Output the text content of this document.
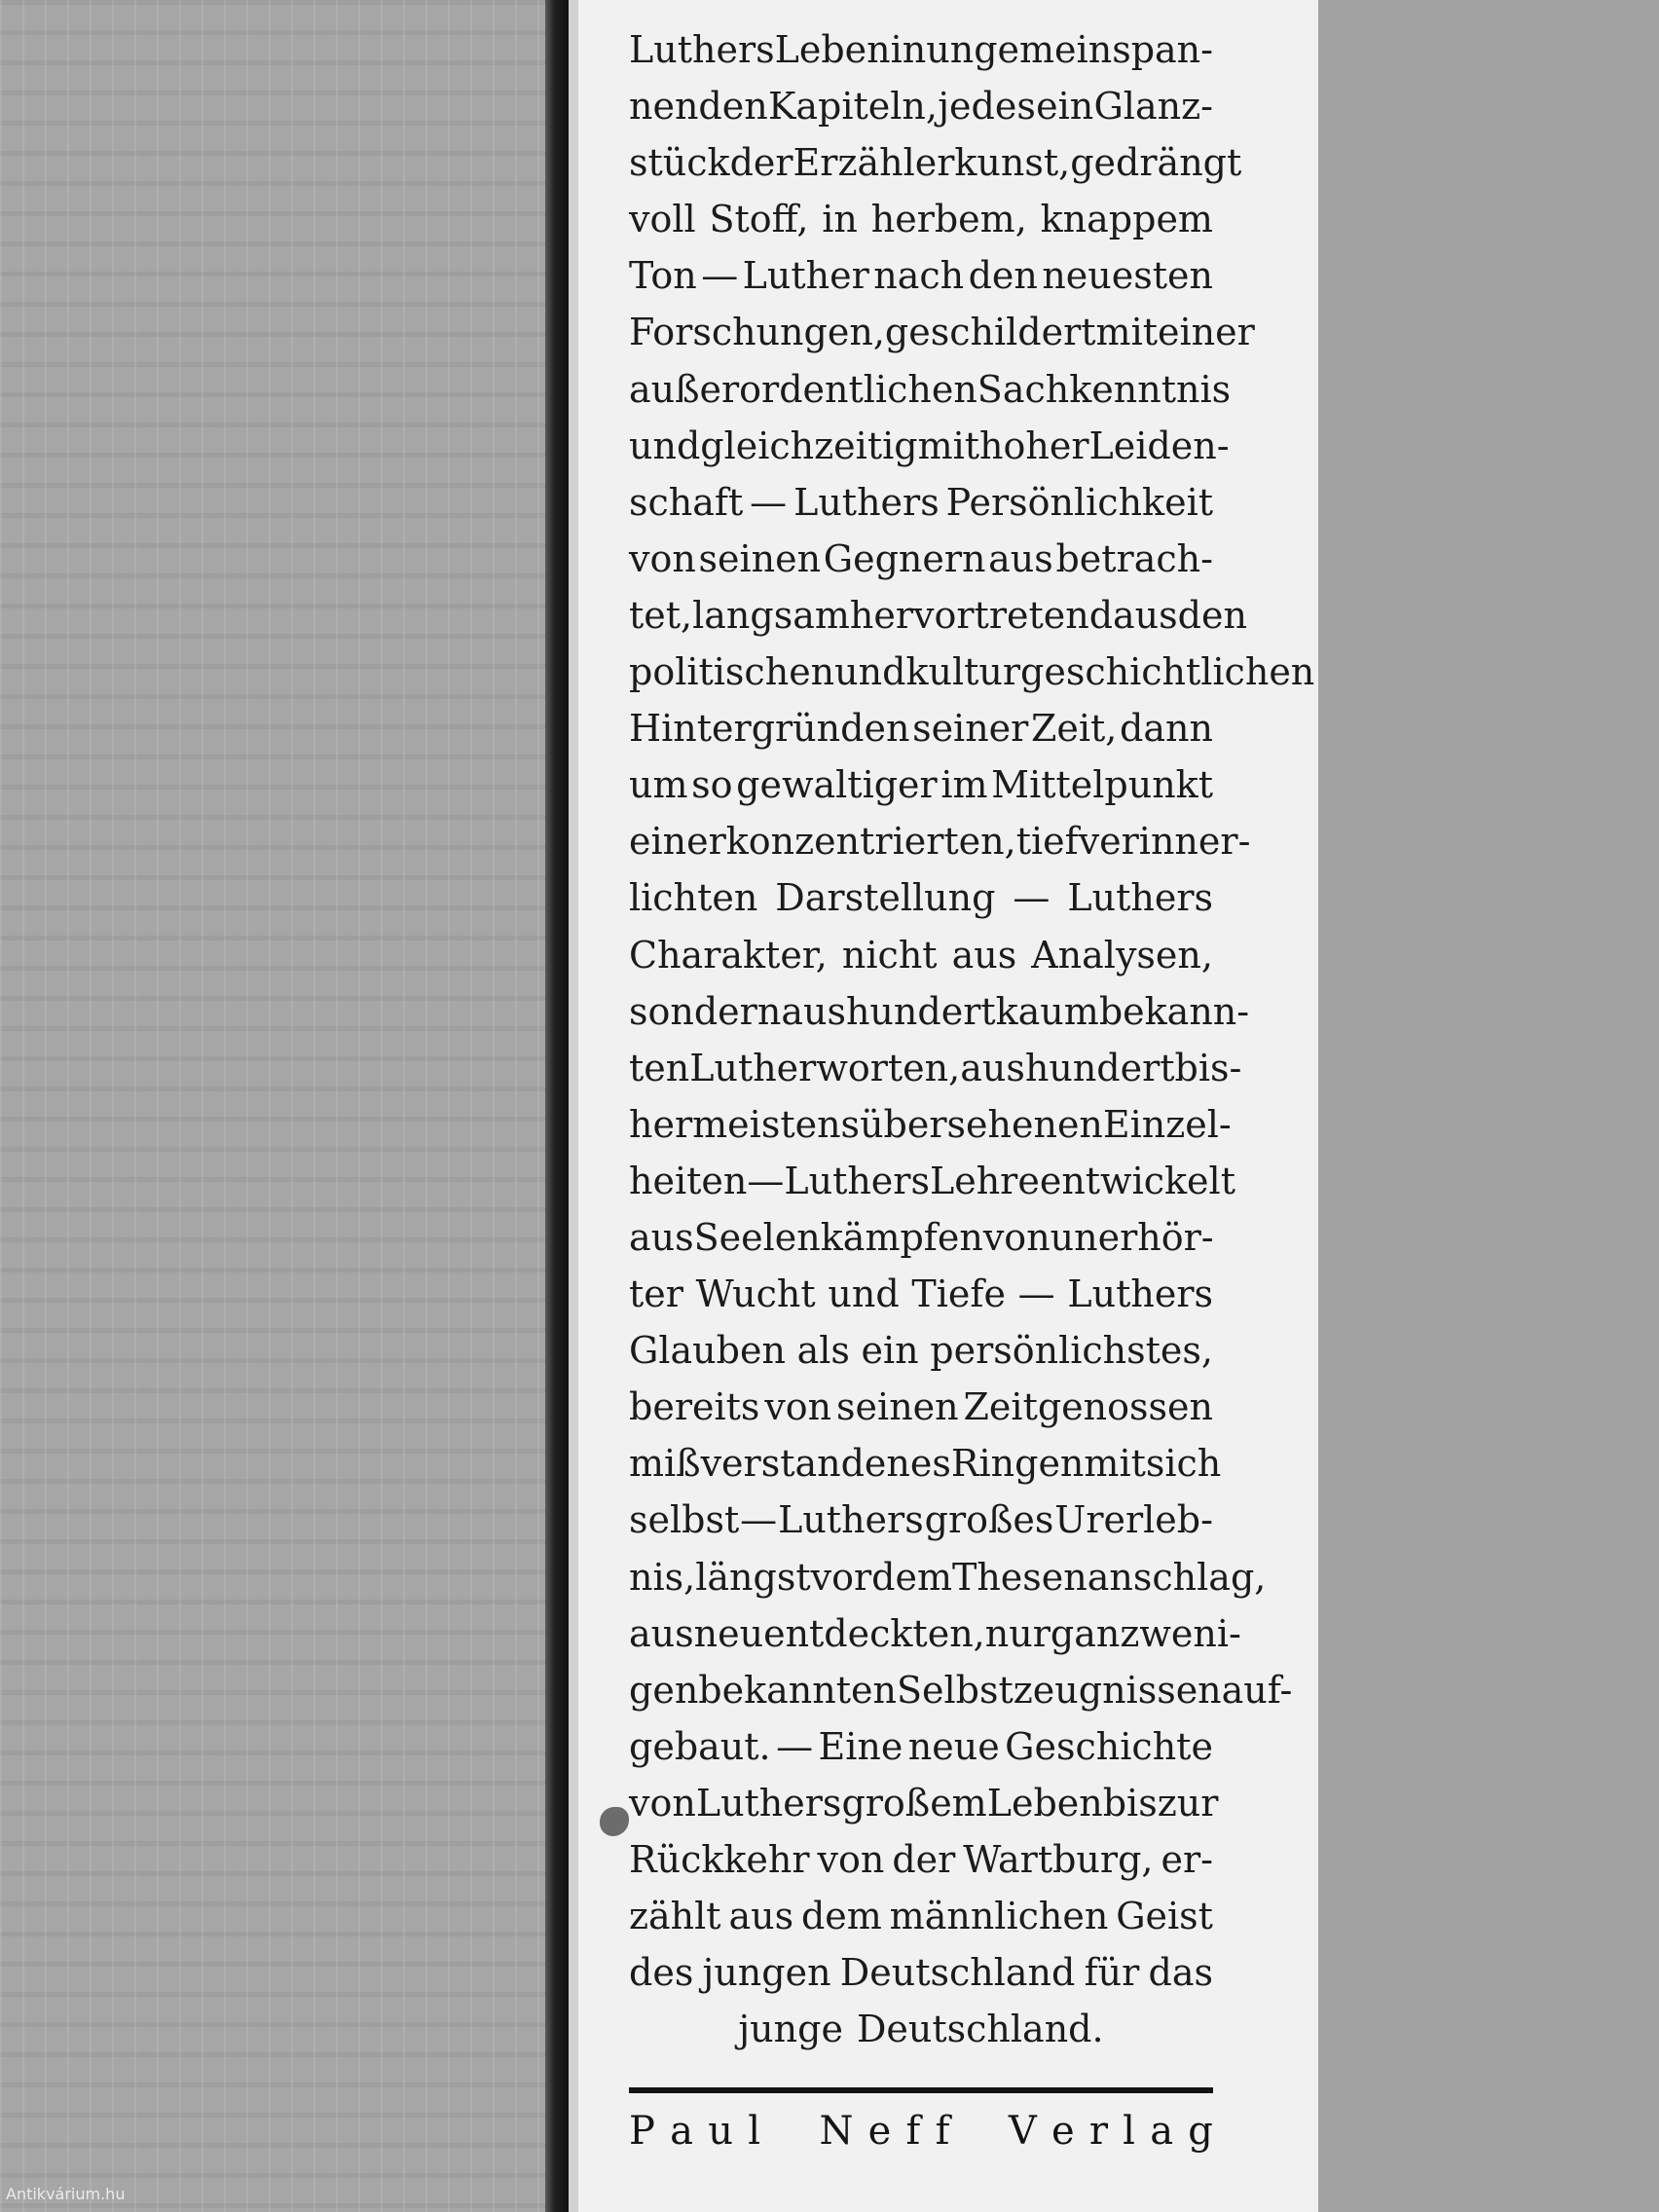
Luthers Leben in ungemein span-
nenden Kapiteln, jedes ein Glanz-
stück der Erzählerkunst, gedrängt
voll Stoff, in herbem, knappem
Ton — Luther nach den neuesten
Forschungen, geschildert mit einer
außerordentlichen Sachkenntnis
und gleichzeitig mit hoher Leiden-
schaft — Luthers Persönlichkeit
von seinen Gegnern aus betrach-
tet, langsam hervortretend aus den
politischen und kulturgeschichtlichen
Hintergründen seiner Zeit, dann
um so gewaltiger im Mittelpunkt
einer konzentrierten, tief verinner-
lichten Darstellung — Luthers
Charakter, nicht aus Analysen,
sondern aus hundert kaum bekann-
ten Lutherworten, aus hundert bis-
her meistens übersehenen Einzel-
heiten — Luthers Lehre entwickelt
aus Seelenkämpfen von unerhör-
ter Wucht und Tiefe — Luthers
Glauben als ein persönlichstes,
bereits von seinen Zeitgenossen
mißverstandenes Ringen mit sich
selbst — Luthers großes Urerleb-
nis, längst vor dem Thesenanschlag,
aus neu entdeckten, nur ganz weni-
gen bekannten Selbstzeugnissen auf-
gebaut. — Eine neue Geschichte
von Luthers großem Leben bis zur
Rückkehr von der Wartburg, er-
zählt aus dem männlichen Geist
des jungen Deutschland für das
junge Deutschland.
P a u l N e f f V e r l a g
Antikvárium.hu
